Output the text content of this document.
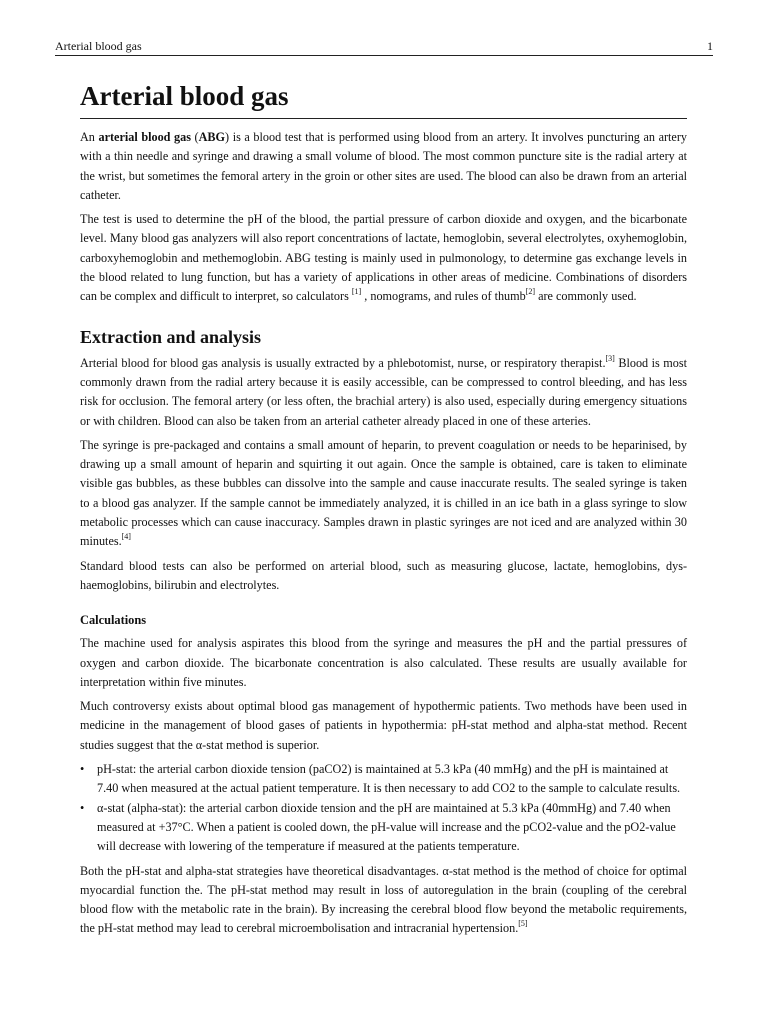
Arterial blood gas	1
Arterial blood gas

An arterial blood gas (ABG) is a blood test that is performed using blood from an artery. It involves puncturing an artery with a thin needle and syringe and drawing a small volume of blood. The most common puncture site is the radial artery at the wrist, but sometimes the femoral artery in the groin or other sites are used. The blood can also be drawn from an arterial catheter.

The test is used to determine the pH of the blood, the partial pressure of carbon dioxide and oxygen, and the bicarbonate level. Many blood gas analyzers will also report concentrations of lactate, hemoglobin, several electrolytes, oxyhemoglobin, carboxyhemoglobin and methemoglobin. ABG testing is mainly used in pulmonology, to determine gas exchange levels in the blood related to lung function, but has a variety of applications in other areas of medicine. Combinations of disorders can be complex and difficult to interpret, so calculators [1] , nomograms, and rules of thumb[2] are commonly used.

Extraction and analysis

Arterial blood for blood gas analysis is usually extracted by a phlebotomist, nurse, or respiratory therapist.[3] Blood is most commonly drawn from the radial artery because it is easily accessible, can be compressed to control bleeding, and has less risk for occlusion. The femoral artery (or less often, the brachial artery) is also used, especially during emergency situations or with children. Blood can also be taken from an arterial catheter already placed in one of these arteries.

The syringe is pre-packaged and contains a small amount of heparin, to prevent coagulation or needs to be heparinised, by drawing up a small amount of heparin and squirting it out again. Once the sample is obtained, care is taken to eliminate visible gas bubbles, as these bubbles can dissolve into the sample and cause inaccurate results. The sealed syringe is taken to a blood gas analyzer. If the sample cannot be immediately analyzed, it is chilled in an ice bath in a glass syringe to slow metabolic processes which can cause inaccuracy. Samples drawn in plastic syringes are not iced and are analyzed within 30 minutes.[4]

Standard blood tests can also be performed on arterial blood, such as measuring glucose, lactate, hemoglobins, dys-haemoglobins, bilirubin and electrolytes.

Calculations

The machine used for analysis aspirates this blood from the syringe and measures the pH and the partial pressures of oxygen and carbon dioxide. The bicarbonate concentration is also calculated. These results are usually available for interpretation within five minutes.

Much controversy exists about optimal blood gas management of hypothermic patients. Two methods have been used in medicine in the management of blood gases of patients in hypothermia: pH-stat method and alpha-stat method. Recent studies suggest that the α-stat method is superior.

• pH-stat: the arterial carbon dioxide tension (paCO2) is maintained at 5.3 kPa (40 mmHg) and the pH is maintained at 7.40 when measured at the actual patient temperature. It is then necessary to add CO2 to the sample to calculate results.
• α-stat (alpha-stat): the arterial carbon dioxide tension and the pH are maintained at 5.3 kPa (40mmHg) and 7.40 when measured at +37°C. When a patient is cooled down, the pH-value will increase and the pCO2-value and the pO2-value will decrease with lowering of the temperature if measured at the patients temperature.

Both the pH-stat and alpha-stat strategies have theoretical disadvantages. α-stat method is the method of choice for optimal myocardial function the. The pH-stat method may result in loss of autoregulation in the brain (coupling of the cerebral blood flow with the metabolic rate in the brain). By increasing the cerebral blood flow beyond the metabolic requirements, the pH-stat method may lead to cerebral microembolisation and intracranial hypertension.[5]
